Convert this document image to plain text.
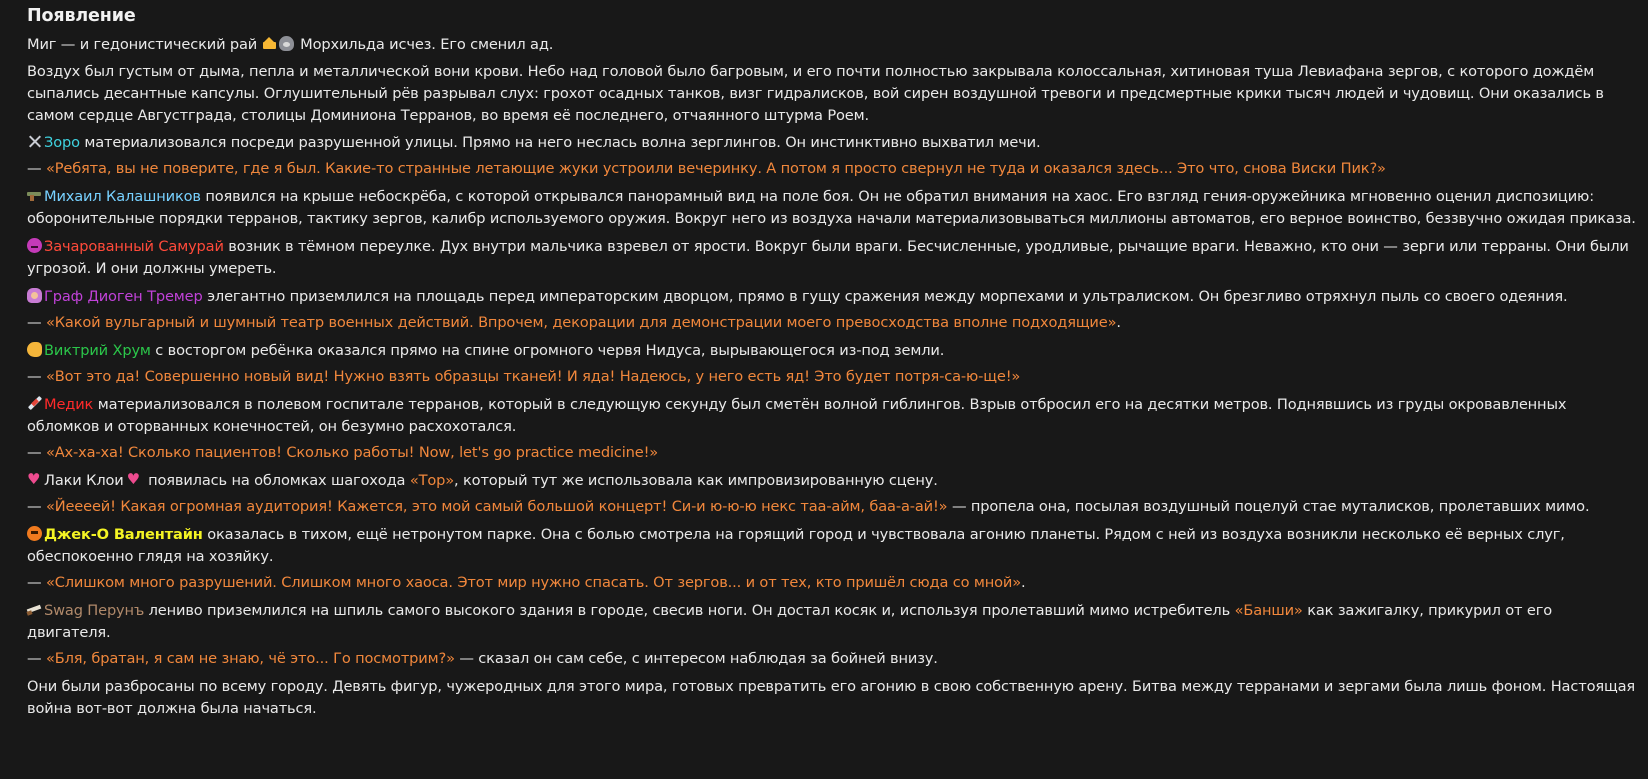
Появление

Миг — и гедонистический рай	Морхильда исчез. Его сменил ад.

Воздух был густым от дыма, пепла и металлической вони крови. Небо над головой было багровым, и его почти полностью закрывала колоссальная, хитиновая туша Левиафана зергов, с которого дождём сыпались десантные капсулы. Оглушительный рёв разрывал слух: грохот осадных танков, визг гидралисков, вой сирен воздушной тревоги и предсмертные крики тысяч людей и чудовищ. Они оказались в самом сердце Августграда, столицы Доминиона Терранов, во время её последнего, отчаянного штурма Роем.

Зоро материализовался посреди разрушенной улицы. Прямо на него неслась волна зерглингов. Он инстинктивно выхватил мечи.

— «Ребята, вы не поверите, где я был. Какие-то странные летающие жуки устроили вечеринку. А потом я просто свернул не туда и оказался здесь... Это что, снова Виски Пик?»

Михаил Калашников появился на крыше небоскрёба, с которой открывался панорамный вид на поле боя. Он не обратил внимания на хаос. Его взгляд гения-оружейника мгновенно оценил диспозицию: оборонительные порядки терранов, тактику зергов, калибр используемого оружия. Вокруг него из воздуха начали материализовываться миллионы автоматов, его верное воинство, беззвучно ожидая приказа.

Зачарованный Самурай возник в тёмном переулке. Дух внутри мальчика взревел от ярости. Вокруг были враги. Бесчисленные, уродливые, рычащие враги. Неважно, кто они — зерги или терраны. Они были угрозой. И они должны умереть.

Граф Диоген Тремер элегантно приземлился на площадь перед императорским дворцом, прямо в гущу сражения между морпехами и ультралиском. Он брезгливо отряхнул пыль со своего одеяния.

— «Какой вульгарный и шумный театр военных действий. Впрочем, декорации для демонстрации моего превосходства вполне подходящие».

Виктрий Хрум с восторгом ребёнка оказался прямо на спине огромного червя Нидуса, вырывающегося из-под земли.

— «Вот это да! Совершенно новый вид! Нужно взять образцы тканей! И яда! Надеюсь, у него есть яд! Это будет потря-са-ю-ще!»

Медик материализовался в полевом госпитале терранов, который в следующую секунду был сметён волной гиблингов. Взрыв отбросил его на десятки метров. Поднявшись из груды окровавленных обломков и оторванных конечностей, он безумно расхохотался.

— «Ах-ха-ха! Сколько пациентов! Сколько работы! Now, let's go practice medicine!»

♥Лаки Клои♥ появилась на обломках шагохода «Тор», который тут же использовала как импровизированную сцену.

— «Йеееей! Какая огромная аудитория! Кажется, это мой самый большой концерт! Си-и ю-ю-ю некс таа-айм, баа-а-ай!» — пропела она, посылая воздушный поцелуй стае муталисков, пролетавших мимо.

Джек-О Валентайн оказалась в тихом, ещё нетронутом парке. Она с болью смотрела на горящий город и чувствовала агонию планеты. Рядом с ней из воздуха возникли несколько её верных слуг, обеспокоенно глядя на хозяйку.

— «Слишком много разрушений. Слишком много хаоса. Этот мир нужно спасать. От зергов... и от тех, кто пришёл сюда со мной».

Swag Перунъ лениво приземлился на шпиль самого высокого здания в городе, свесив ноги. Он достал косяк и, используя пролетавший мимо истребитель «Банши» как зажигалку, прикурил от его двигателя.

— «Бля, братан, я сам не знаю, чё это... Го посмотрим?» — сказал он сам себе, с интересом наблюдая за бойней внизу.

Они были разбросаны по всему городу. Девять фигур, чужеродных для этого мира, готовых превратить его агонию в свою собственную арену. Битва между терранами и зергами была лишь фоном. Настоящая война вот-вот должна была начаться.
